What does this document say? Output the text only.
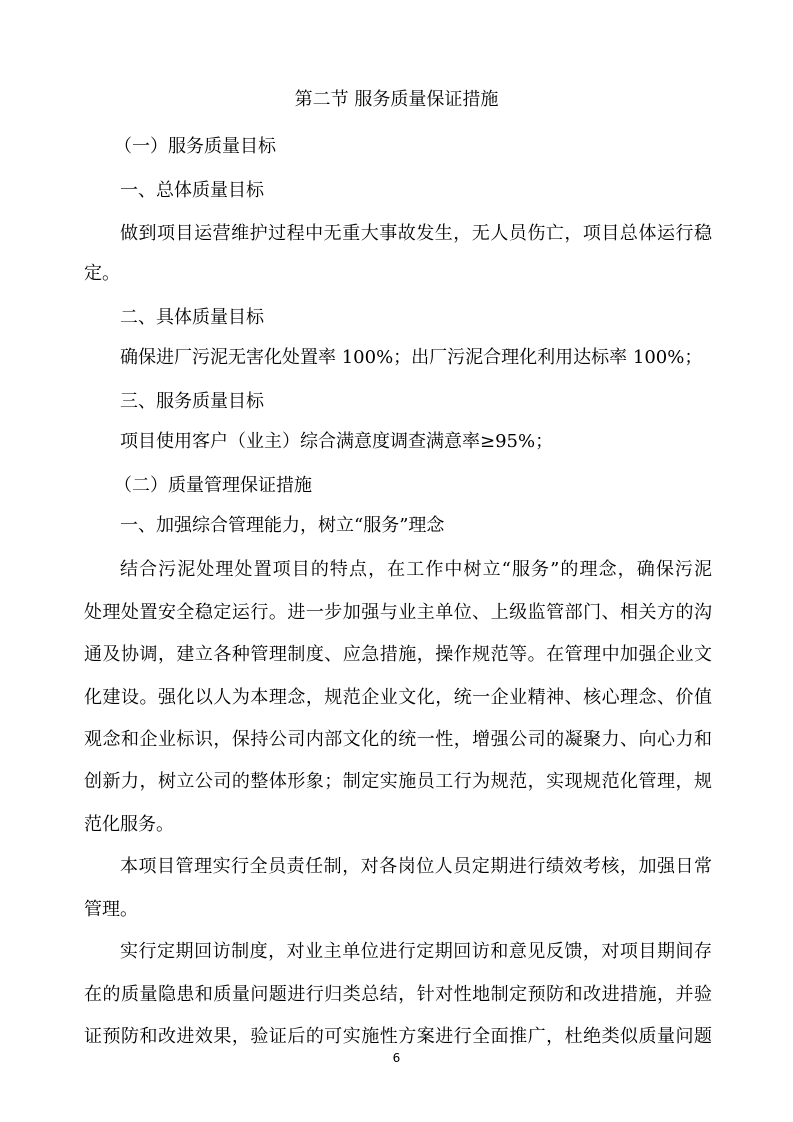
第二节 服务质量保证措施
（一）服务质量目标
一、总体质量目标
做到项目运营维护过程中无重大事故发生，无人员伤亡，项目总体运行稳
定。
二、具体质量目标
确保进厂污泥无害化处置率 100%；出厂污泥合理化利用达标率 100%；
三、服务质量目标
项目使用客户（业主）综合满意度调查满意率≥95%；
（二）质量管理保证措施
一、加强综合管理能力，树立“服务”理念
结合污泥处理处置项目的特点，在工作中树立“服务”的理念，确保污泥
处理处置安全稳定运行。进一步加强与业主单位、上级监管部门、相关方的沟
通及协调，建立各种管理制度、应急措施，操作规范等。在管理中加强企业文
化建设。强化以人为本理念，规范企业文化，统一企业精神、核心理念、价值
观念和企业标识，保持公司内部文化的统一性，增强公司的凝聚力、向心力和
创新力，树立公司的整体形象；制定实施员工行为规范，实现规范化管理，规
范化服务。
本项目管理实行全员责任制，对各岗位人员定期进行绩效考核，加强日常
管理。
实行定期回访制度，对业主单位进行定期回访和意见反馈，对项目期间存
在的质量隐患和质量问题进行归类总结，针对性地制定预防和改进措施，并验
证预防和改进效果，验证后的可实施性方案进行全面推广，杜绝类似质量问题
6
